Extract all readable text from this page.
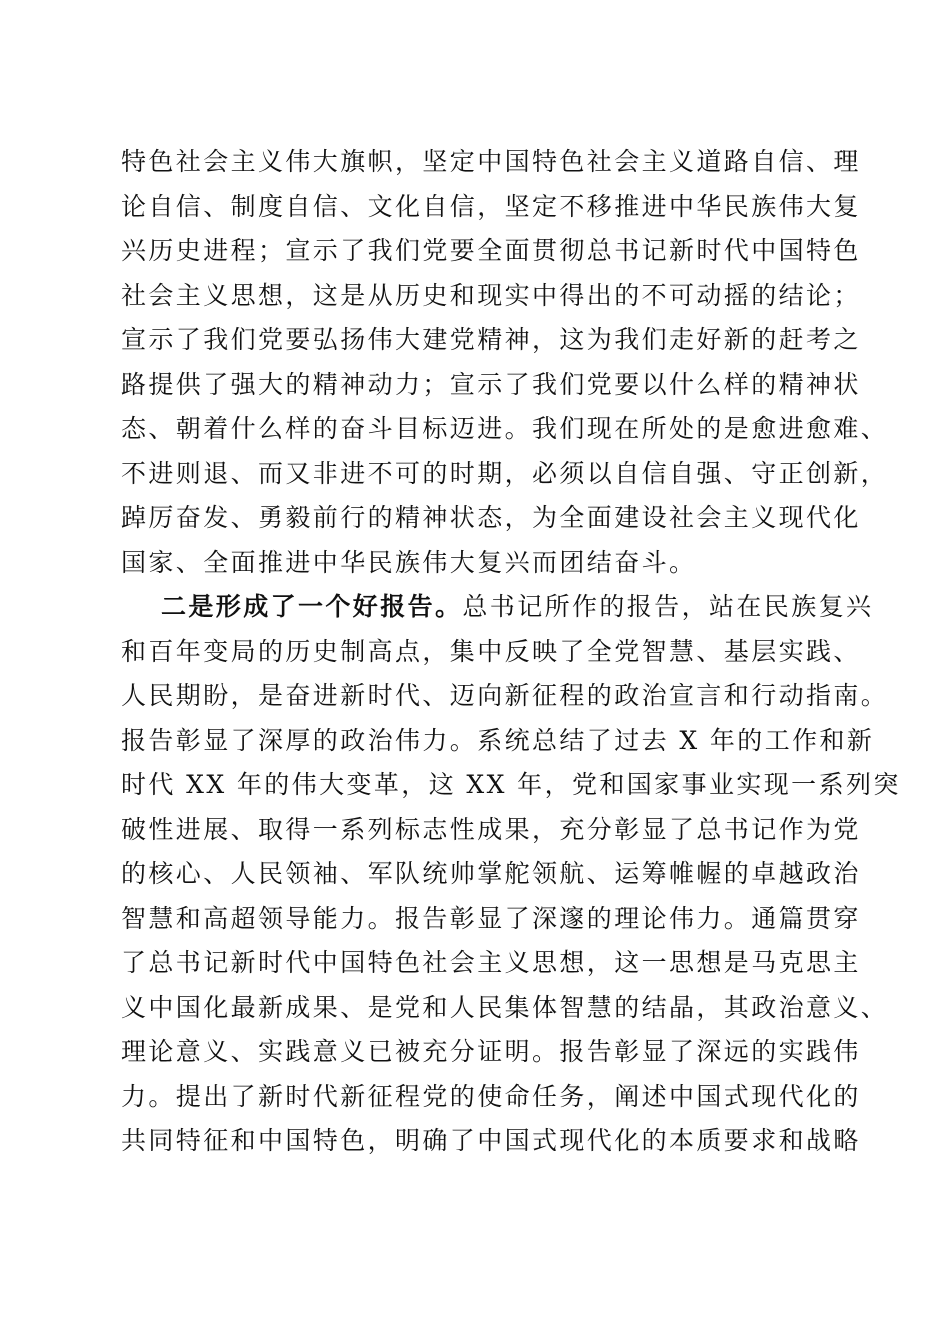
特色社会主义伟大旗帜，坚定中国特色社会主义道路自信、理
论自信、制度自信、文化自信，坚定不移推进中华民族伟大复
兴历史进程；宣示了我们党要全面贯彻总书记新时代中国特色
社会主义思想，这是从历史和现实中得出的不可动摇的结论；
宣示了我们党要弘扬伟大建党精神，这为我们走好新的赶考之
路提供了强大的精神动力；宣示了我们党要以什么样的精神状
态、朝着什么样的奋斗目标迈进。我们现在所处的是愈进愈难、
不进则退、而又非进不可的时期，必须以自信自强、守正创新，
踔厉奋发、勇毅前行的精神状态，为全面建设社会主义现代化
国家、全面推进中华民族伟大复兴而团结奋斗。
二是形成了一个好报告。总书记所作的报告，站在民族复兴
和百年变局的历史制高点，集中反映了全党智慧、基层实践、
人民期盼，是奋进新时代、迈向新征程的政治宣言和行动指南。
报告彰显了深厚的政治伟力。系统总结了过去 X 年的工作和新
时代 XX 年的伟大变革，这 XX 年，党和国家事业实现一系列突
破性进展、取得一系列标志性成果，充分彰显了总书记作为党
的核心、人民领袖、军队统帅掌舵领航、运筹帷幄的卓越政治
智慧和高超领导能力。报告彰显了深邃的理论伟力。通篇贯穿
了总书记新时代中国特色社会主义思想，这一思想是马克思主
义中国化最新成果、是党和人民集体智慧的结晶，其政治意义、
理论意义、实践意义已被充分证明。报告彰显了深远的实践伟
力。提出了新时代新征程党的使命任务，阐述中国式现代化的
共同特征和中国特色，明确了中国式现代化的本质要求和战略
